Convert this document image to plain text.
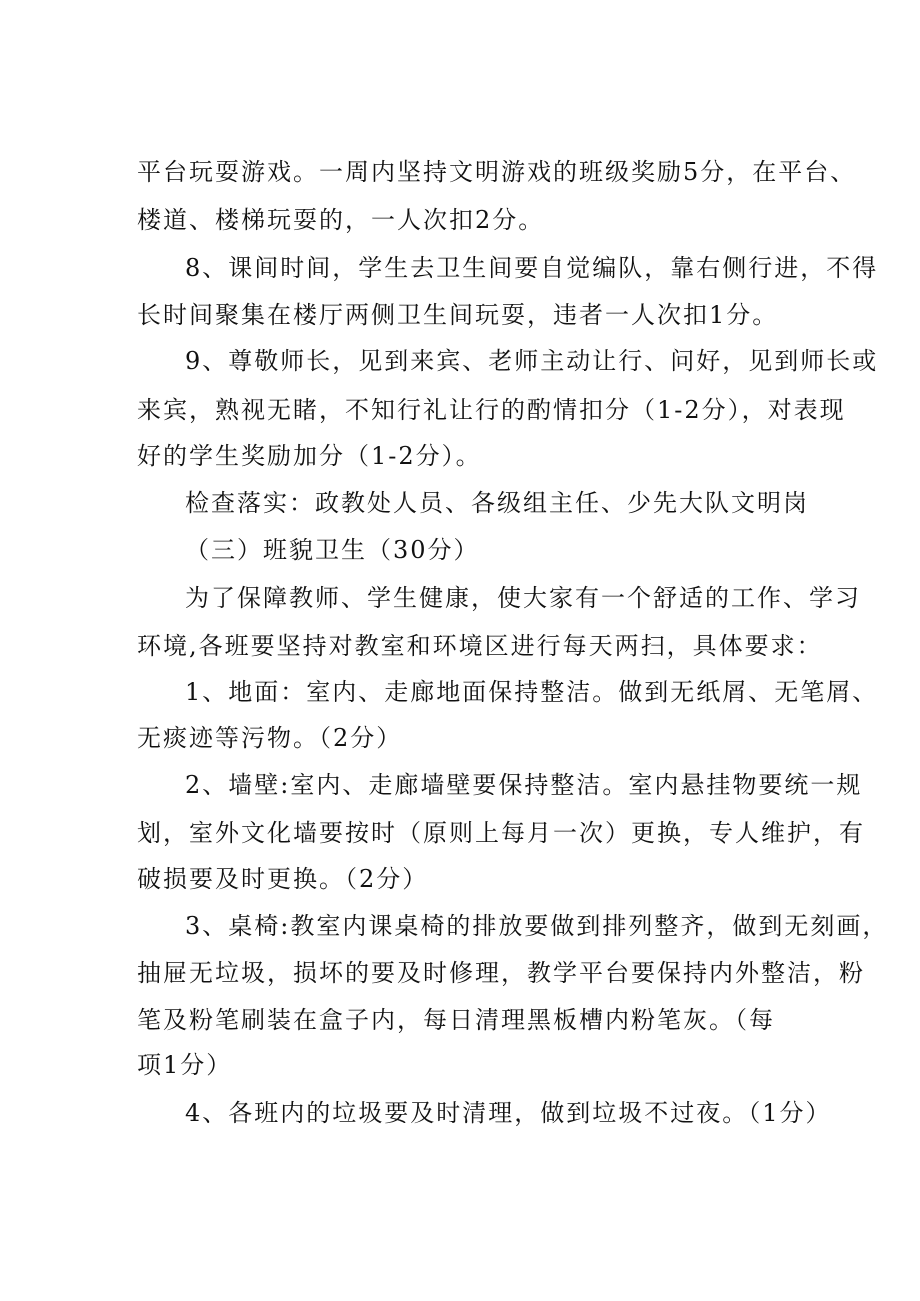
平台玩耍游戏。一周内坚持文明游戏的班级奖励5分，在平台、
楼道、楼梯玩耍的，一人次扣2分。
8、课间时间，学生去卫生间要自觉编队，靠右侧行进，不得
长时间聚集在楼厅两侧卫生间玩耍，违者一人次扣1分。
9、尊敬师长，见到来宾、老师主动让行、问好，见到师长或
来宾，熟视无睹，不知行礼让行的酌情扣分（1-2分），对表现
好的学生奖励加分（1-2分）。
检查落实：政教处人员、各级组主任、少先大队文明岗
（三）班貌卫生（30分）
为了保障教师、学生健康，使大家有一个舒适的工作、学习
环境,各班要坚持对教室和环境区进行每天两扫，具体要求：
1、地面：室内、走廊地面保持整洁。做到无纸屑、无笔屑、
无痰迹等污物。（2分）
2、墙壁:室内、走廊墙壁要保持整洁。室内悬挂物要统一规
划，室外文化墙要按时（原则上每月一次）更换，专人维护，有
破损要及时更换。（2分）
3、桌椅:教室内课桌椅的排放要做到排列整齐，做到无刻画，
抽屉无垃圾，损坏的要及时修理，教学平台要保持内外整洁，粉
笔及粉笔刷装在盒子内，每日清理黑板槽内粉笔灰。（每
项1分）
4、各班内的垃圾要及时清理，做到垃圾不过夜。（1分）
